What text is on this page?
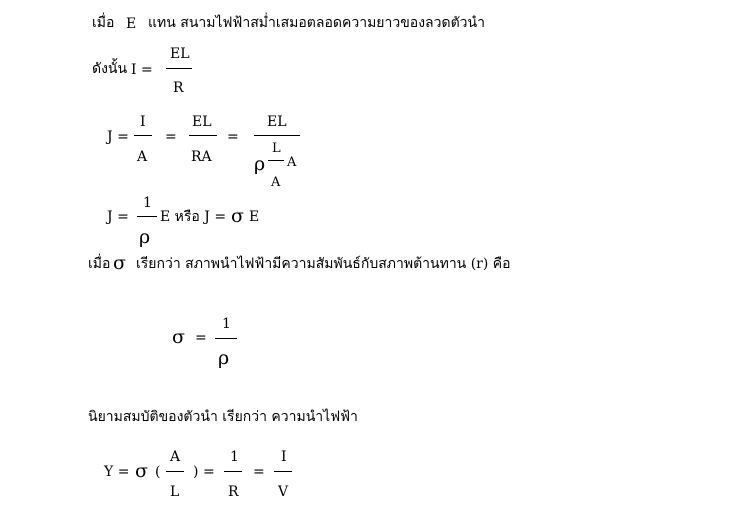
เมื่อ E แทน สนามไฟฟ้าสม่ำเสมอตลอดความยาวของลวดตัวนำ
ดังนั้น I =
EL
R
J =
I
A
=
EL
RA
=
EL
ρ
L
A
A
J =
1
ρ
E หรือ J = σ E
เมื่อ σ เรียกว่า สภาพนำไฟฟ้ามีความสัมพันธ์กับสภาพต้านทาน (r) คือ
σ =
1
ρ
นิยามสมบัติของตัวนำ เรียกว่า ความนำไฟฟ้า
Y = σ (
A
L
) =
1
R
=
I
V
